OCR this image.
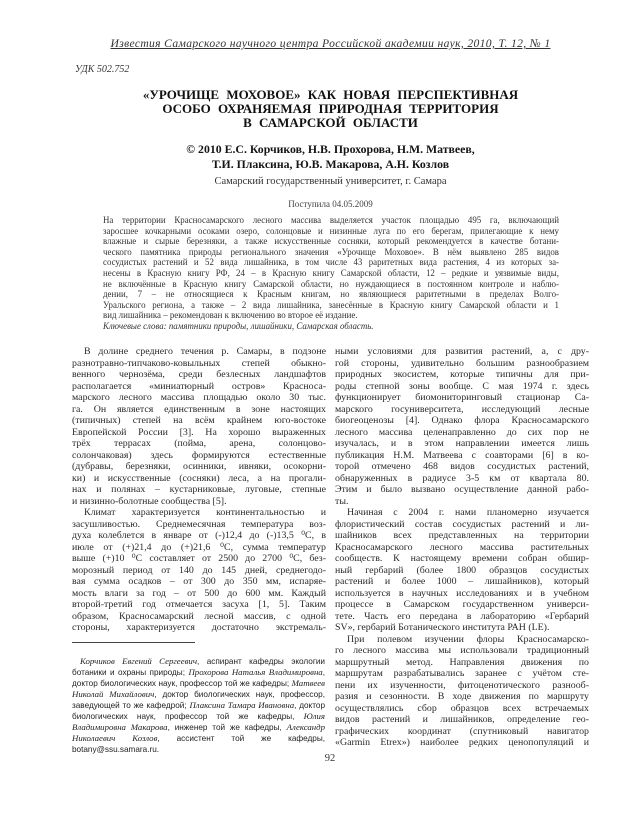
Известия Самарского научного центра Российской академии наук, 2010, Т. 12, № 1
УДК 502.752
«УРОЧИЩЕ МОХОВОЕ» КАК НОВАЯ ПЕРСПЕКТИВНАЯ
ОСОБО ОХРАНЯЕМАЯ ПРИРОДНАЯ ТЕРРИТОРИЯ
В САМАРСКОЙ ОБЛАСТИ
© 2010 Е.С. Корчиков, Н.В. Прохорова, Н.М. Матвеев,
Т.И. Плаксина, Ю.В. Макарова, А.Н. Козлов
Самарский государственный университет, г. Самара
Поступила 04.05.2009
На территории Красносамарского лесного массива выделяется участок площадью 495 га, включающий
заросшее кочкарными осоками озеро, солонцовые и низинные луга по его берегам, прилегающие к нему
влажные и сырые березняки, а также искусственные сосняки, который рекомендуется в качестве ботани-
ческого памятника природы регионального значения «Урочище Моховое». В нём выявлено 285 видов
сосудистых растений и 52 вида лишайника, в том числе 43 раритетных вида растения, 4 из которых за-
несены в Красную книгу РФ, 24 – в Красную книгу Самарской области, 12 – редкие и уязвимые виды,
не включённые в Красную книгу Самарской области, но нуждающиеся в постоянном контроле и наблю-
дении, 7 – не относящиеся к Красным книгам, но являющиеся раритетными в пределах Волго-
Уральского региона, а также – 2 вида лишайника, занесённые в Красную книгу Самарской области и 1
вид лишайника – рекомендован к включению во второе её издание.
Ключевые слова: памятники природы, лишайники, Самарская область.
В долине среднего течения р. Самары, в подзоне
разнотравно-типчаково-ковыльных степей обыкно-
венного чернозёма, среди безлесных ландшафтов
располагается «миниатюрный остров» Красноса-
марского лесного массива площадью около 30 тыс.
га. Он является единственным в зоне настоящих
(типичных) степей на всём крайнем юго-востоке
Европейской России [3]. На хорошо выраженных
трёх террасах (пойма, арена, солонцово-
солончаковая) здесь формируются естественные
(дубравы, березняки, осинники, ивняки, осокорни-
ки) и искусственные (сосняки) леса, а на прогали-
нах и полянах – кустарниковые, луговые, степные
и низинно-болотные сообщества [5].
Климат характеризуется континентальностью и
засушливостью. Среднемесячная температура воз-
духа колеблется в январе от (-)12,4 до (-)13,5 ⁰С, в
июле от (+)21,4 до (+)21,6 ⁰С, сумма температур
выше (+)10 ⁰С составляет от 2500 до 2700 ⁰С, без-
морозный период от 140 до 145 дней, среднегодо-
вая сумма осадков – от 300 до 350 мм, испаряе-
мость влаги за год – от 500 до 600 мм. Каждый
второй-третий год отмечается засуха [1, 5]. Таким
образом, Красносамарский лесной массив, с одной
стороны, характеризуется достаточно экстремаль-
ными условиями для развития растений, а, с дру-
гой стороны, удивительно большим разнообразием
природных экосистем, которые типичны для при-
роды степной зоны вообще. С мая 1974 г. здесь
функционирует биомониторинговый стационар Са-
марского госуниверситета, исследующий лесные
биогеоценозы [4]. Однако флора Красносамарского
лесного массива целенаправленно до сих пор не
изучалась, и в этом направлении имеется лишь
публикация Н.М. Матвеева с соавторами [6] в ко-
торой отмечено 468 видов сосудистых растений,
обнаруженных в радиусе 3-5 км от квартала 80.
Этим и было вызвано осуществление данной рабо-
ты.
Начиная с 2004 г. нами планомерно изучается
флористический состав сосудистых растений и ли-
шайников всех представленных на территории
Красносамарского лесного массива растительных
сообществ. К настоящему времени собран обшир-
ный гербарий (более 1800 образцов сосудистых
растений и более 1000 – лишайников), который
используется в научных исследованиях и в учебном
процессе в Самарском государственном универси-
тете. Часть его передана в лабораторию «Гербарий
SV», гербарий Ботанического института РАН (LE).
При полевом изучении флоры Красносамарско-
го лесного массива мы использовали традиционный
маршрутный метод. Направления движения по
маршрутам разрабатывались заранее с учётом сте-
пени их изученности, фитоценотического разнооб-
разия и сезонности. В ходе движения по маршруту
осуществлялись сбор образцов всех встречаемых
видов растений и лишайников, определение гео-
графических координат (спутниковый навигатор
«Garmin Etrex») наиболее редких ценопопуляций и
Корчиков Евгений Сергеевич, аспирант кафедры экологии ботаники и охраны природы; Прохорова Наталья Владимировна, доктор биологических наук, профессор той же кафедры; Матвеев Николай Михайлович, доктор биологических наук, профессор, заведующей то же кафедрой; Плаксина Тамара Ивановна, доктор биологических наук, профессор той же кафедры, Юлия Владимировна Макарова, инженер той же кафедры, Александр Николаевич Козлов, ассистент той же кафедры, botany@ssu.samara.ru.
92
